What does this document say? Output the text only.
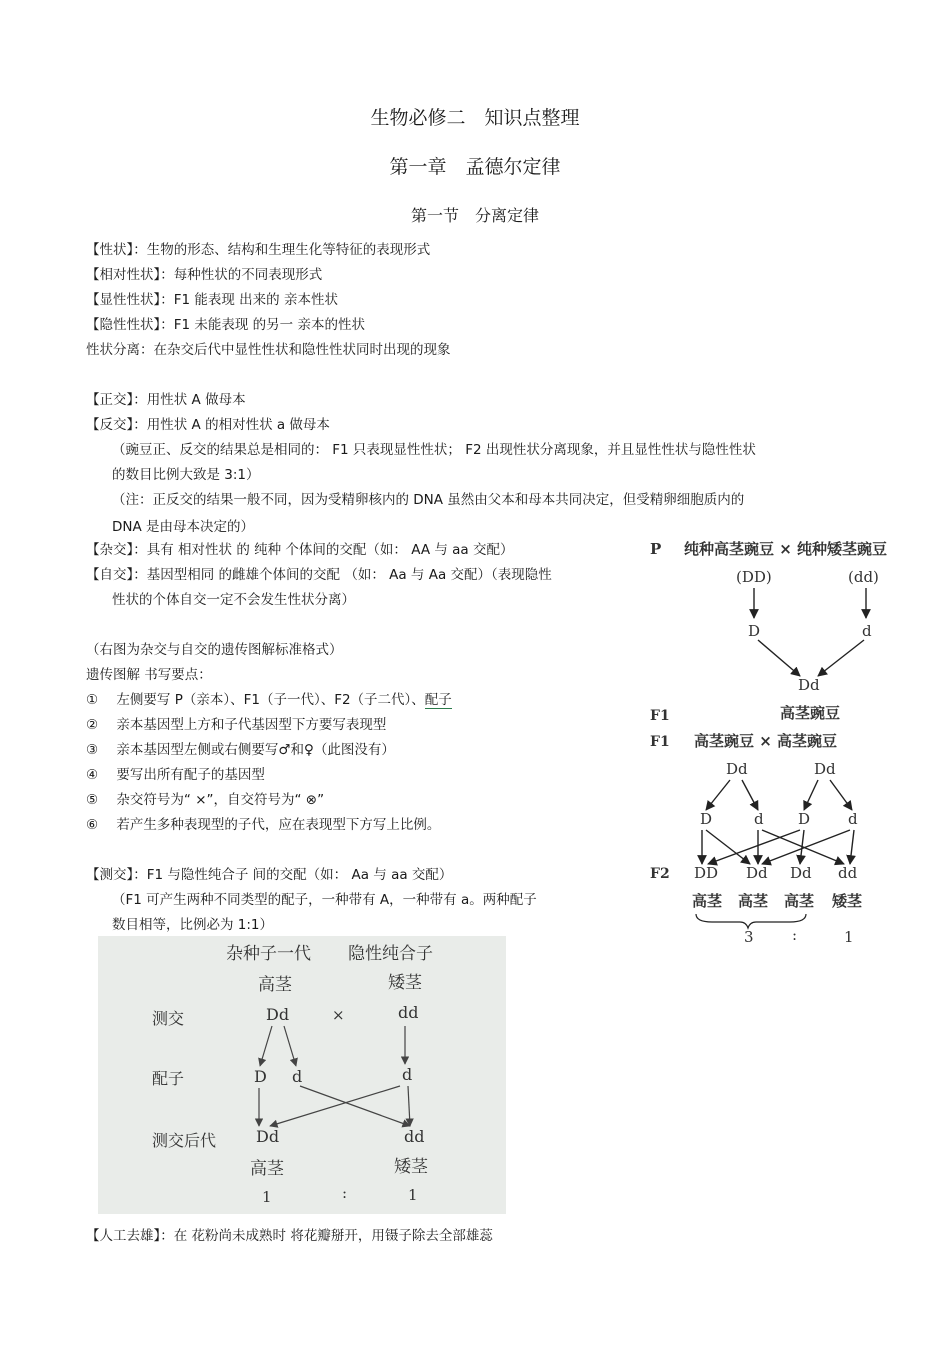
生物必修二　知识点整理
第一章　孟德尔定律
第一节　分离定律
【性状】：生物的形态、结构和生理生化等特征的表现形式
【相对性状】：每种性状的不同表现形式
【显性性状】：F1 能表现 出来的 亲本性状
【隐性性状】：F1 未能表现 的另一 亲本的性状
性状分离：在杂交后代中显性性状和隐性性状同时出现的现象
【正交】：用性状 A 做母本
【反交】：用性状 A 的相对性状 a 做母本
（豌豆正、反交的结果总是相同的： F1 只表现显性性状； F2 出现性状分离现象，并且显性性状与隐性性状
的数目比例大致是 3:1）
（注：正反交的结果一般不同，因为受精卵核内的 DNA 虽然由父本和母本共同决定，但受精卵细胞质内的
DNA 是由母本决定的）
【杂交】：具有 相对性状 的 纯种 个体间的交配（如： AA 与 aa 交配）
【自交】：基因型相同 的雌雄个体间的交配 （如： Aa 与 Aa 交配）（表现隐性
性状的个体自交一定不会发生性状分离）
（右图为杂交与自交的遗传图解标准格式）
遗传图解 书写要点：
① 左侧要写 P（亲本）、F1（子一代）、F2（子二代）、配子
② 亲本基因型上方和子代基因型下方要写表现型
③ 亲本基因型左侧或右侧要写♂和♀（此图没有）
④ 要写出所有配子的基因型
⑤ 杂交符号为“ ×”，自交符号为“ ⊗”
⑥ 若产生多种表现型的子代，应在表现型下方写上比例。
【测交】：F1 与隐性纯合子 间的交配（如： Aa 与 aa 交配）
（F1 可产生两种不同类型的配子，一种带有 A，一种带有 a。两种配子
数目相等，比例必为 1:1）
杂种子一代 隐性纯合子
高茎	矮茎
测交	Dd	×	dd
配子	D d	d
测交后代 Dd	dd
高茎	矮茎
1	:	1
P 纯种高茎豌豆 × 纯种矮茎豌豆
(DD)	(dd)
D	d
Dd
F1	高茎豌豆
F1 高茎豌豆 × 高茎豌豆
Dd	Dd
D	d D	d
F2 DD Dd Dd dd
高茎 高茎 高茎 矮茎
3	:	1
【人工去雄】：在 花粉尚未成熟时 将花瓣掰开，用镊子除去全部雄蕊
